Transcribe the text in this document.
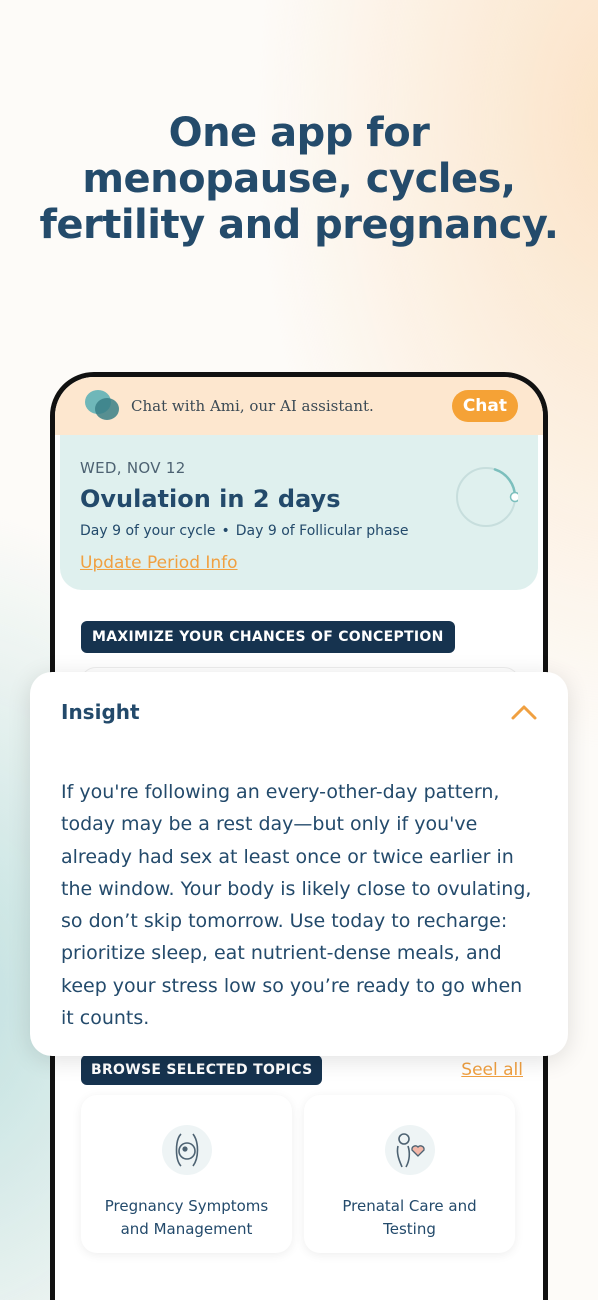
One app for
menopause, cycles,
fertility and pregnancy.
Chat with Ami, our AI assistant.	Chat
WED, NOV 12
Ovulation in 2 days
Day 9 of your cycle • Day 9 of Follicular phase
Update Period Info
MAXIMIZE YOUR CHANCES OF CONCEPTION
BROWSE SELECTED TOPICS	Seel all
Pregnancy Symptoms and Management
Prenatal Care and Testing
Insight
If you're following an every-other-day pattern, today may be a rest day—but only if you've already had sex at least once or twice earlier in the window. Your body is likely close to ovulating, so don’t skip tomorrow. Use today to recharge: prioritize sleep, eat nutrient-dense meals, and keep your stress low so you’re ready to go when it counts.
